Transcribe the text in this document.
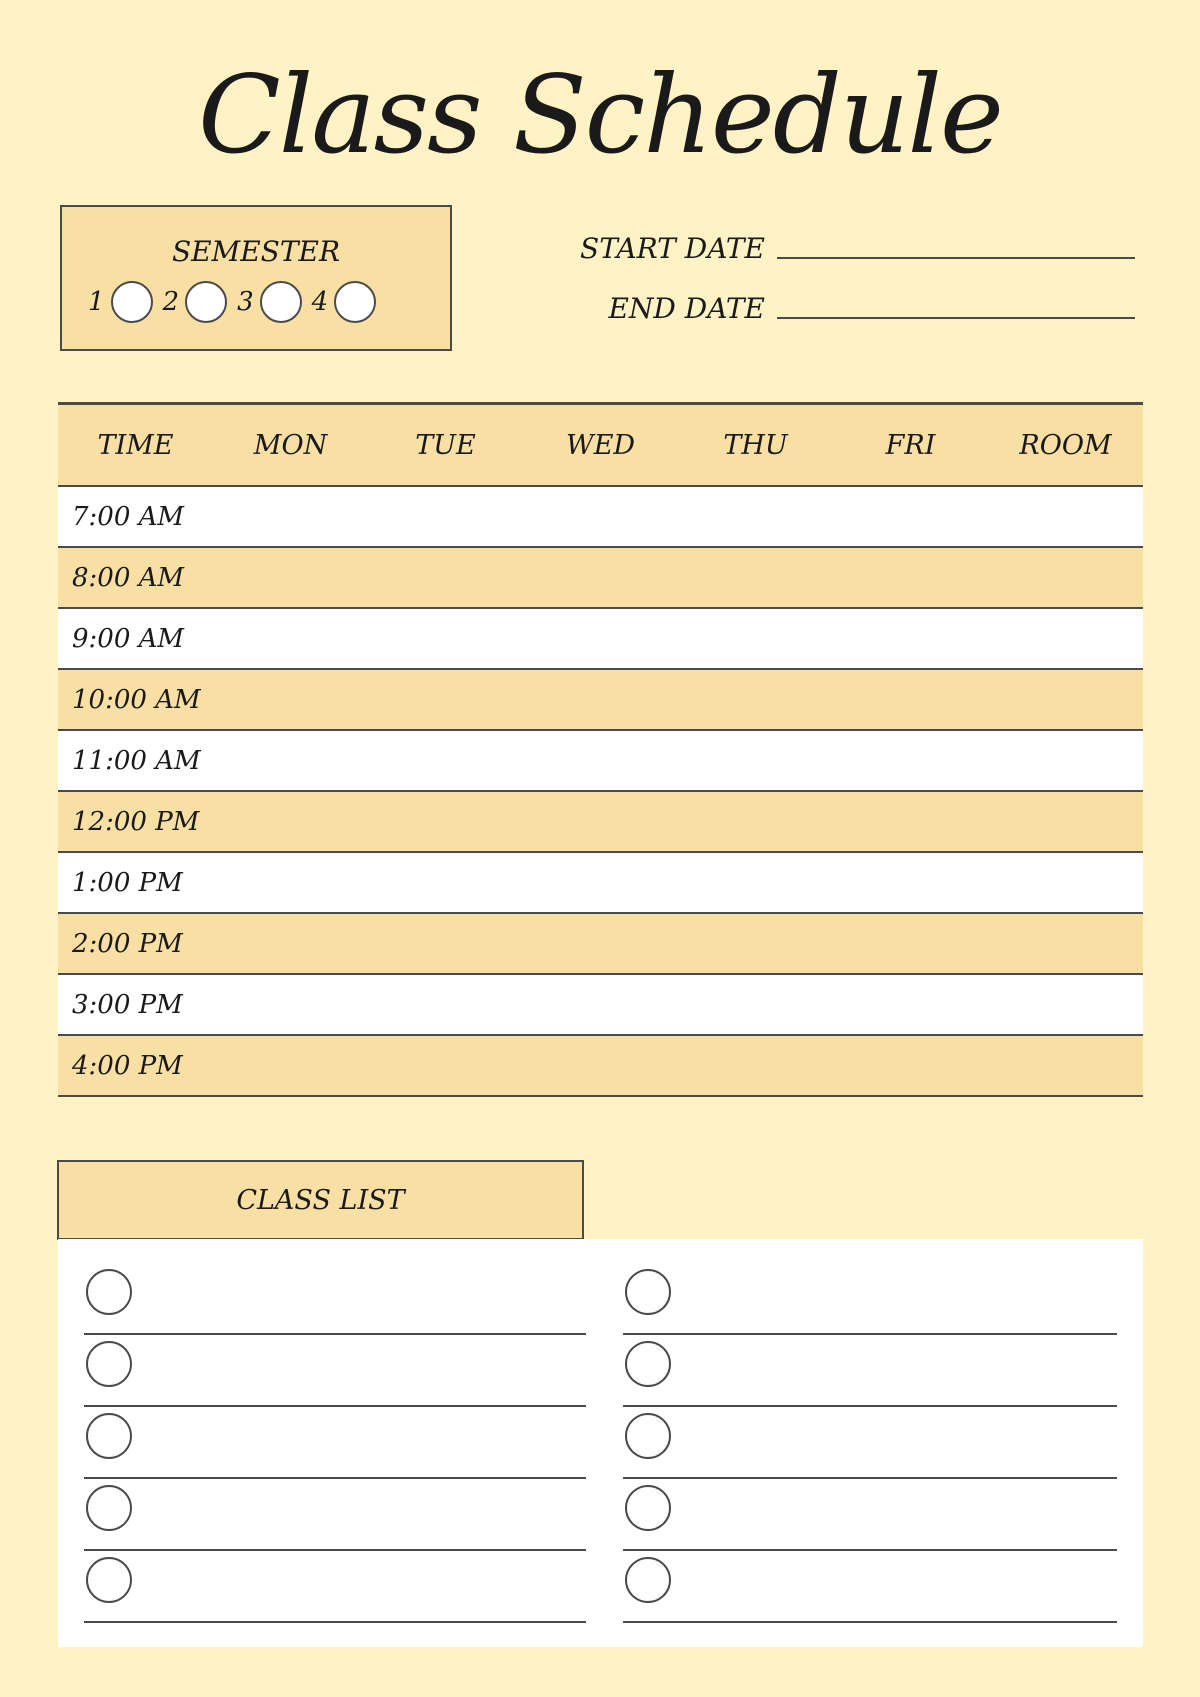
Class Schedule
SEMESTER
1 2 3 4
START DATE
END DATE
TIME	MON	TUE	WED	THU	FRI	ROOM
7:00 AM						
8:00 AM						
9:00 AM						
10:00 AM						
11:00 AM						
12:00 PM						
1:00 PM						
2:00 PM						
3:00 PM						
4:00 PM						
CLASS LIST
